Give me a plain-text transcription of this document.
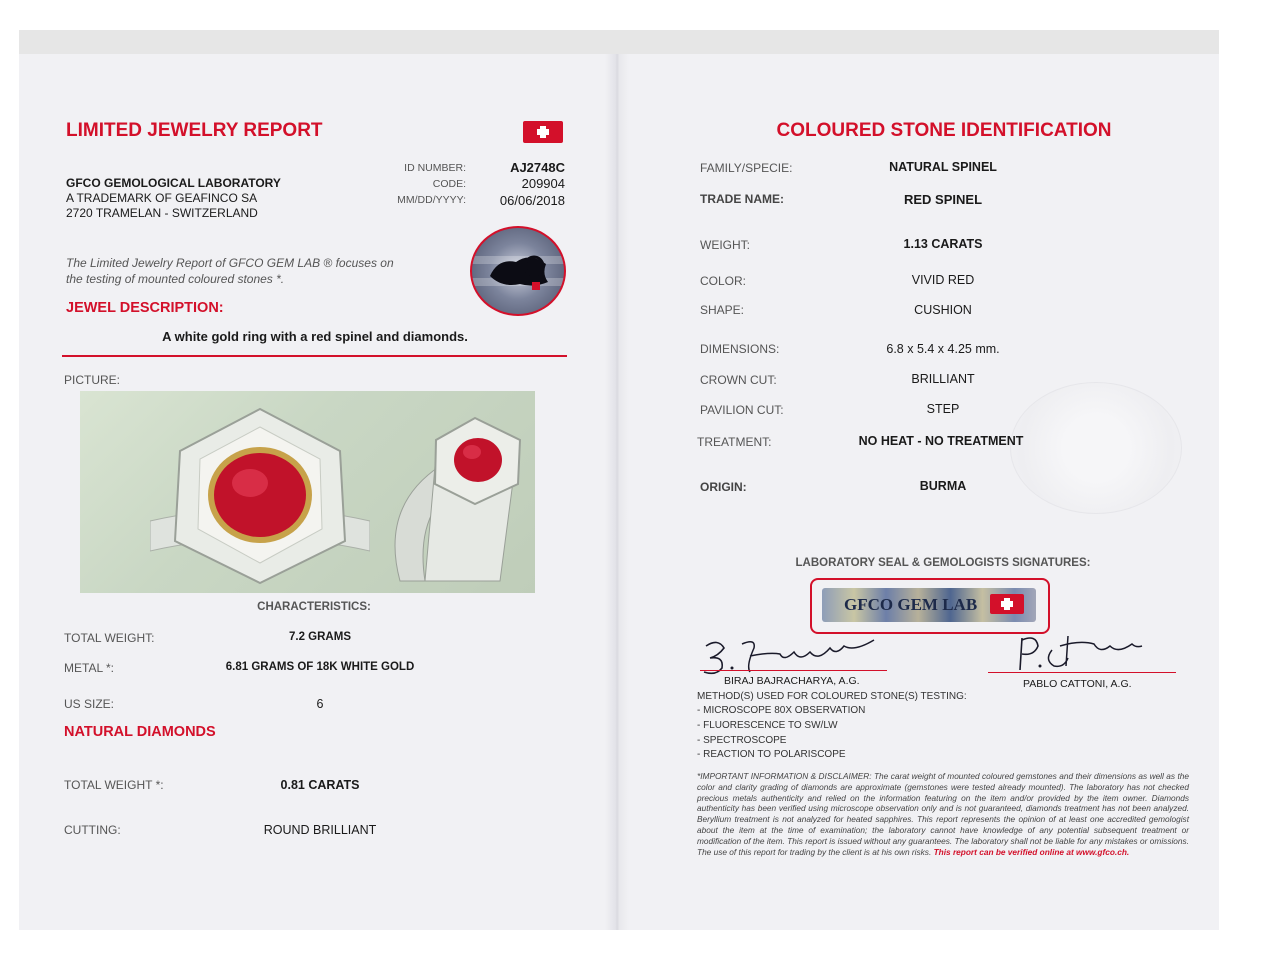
LIMITED JEWELRY REPORT
GFCO GEMOLOGICAL LABORATORY
A TRADEMARK OF GEAFINCO SA
2720 TRAMELAN - SWITZERLAND
ID NUMBER:	AJ2748C
CODE:	209904
MM/DD/YYYY:	06/06/2018
The Limited Jewelry Report of GFCO GEM LAB ® focuses on
the testing of mounted coloured stones *.
JEWEL DESCRIPTION:
A white gold ring with a red spinel and diamonds.
PICTURE:
CHARACTERISTICS:
TOTAL WEIGHT:	7.2 GRAMS
METAL *:	6.81 GRAMS OF 18K WHITE GOLD
US SIZE:	6
NATURAL DIAMONDS
TOTAL WEIGHT *:	0.81 CARATS
CUTTING:	ROUND BRILLIANT
COLOURED STONE IDENTIFICATION
FAMILY/SPECIE:	NATURAL SPINEL
TRADE NAME:	RED SPINEL
WEIGHT:	1.13 CARATS
COLOR:	VIVID RED
SHAPE:	CUSHION
DIMENSIONS:	6.8 x 5.4 x 4.25 mm.
CROWN CUT:	BRILLIANT
PAVILION CUT:	STEP
TREATMENT:	NO HEAT - NO TREATMENT
ORIGIN:	BURMA
LABORATORY SEAL & GEMOLOGISTS SIGNATURES:
GFCO GEM LAB
BIRAJ BAJRACHARYA, A.G.	PABLO CATTONI, A.G.
METHOD(S) USED FOR COLOURED STONE(S) TESTING:
- MICROSCOPE 80X OBSERVATION
- FLUORESCENCE TO SW/LW
- SPECTROSCOPE
- REACTION TO POLARISCOPE
*IMPORTANT INFORMATION & DISCLAIMER: The carat weight of mounted coloured gemstones and their dimensions as well as the color and clarity grading of diamonds are approximate (gemstones were tested already mounted). The laboratory has not checked precious metals authenticity and relied on the information featuring on the item and/or provided by the item owner. Diamonds authenticity has been verified using microscope observation only and is not guaranteed, diamonds treatment has not been analyzed. Beryllium treatment is not analyzed for heated sapphires. This report represents the opinion of at least one accredited gemologist about the item at the time of examination; the laboratory cannot have knowledge of any potential subsequent treatment or modification of the item. This report is issued without any guarantees. The laboratory shall not be liable for any mistakes or omissions. The use of this report for trading by the client is at his own risks. This report can be verified online at www.gfco.ch.
